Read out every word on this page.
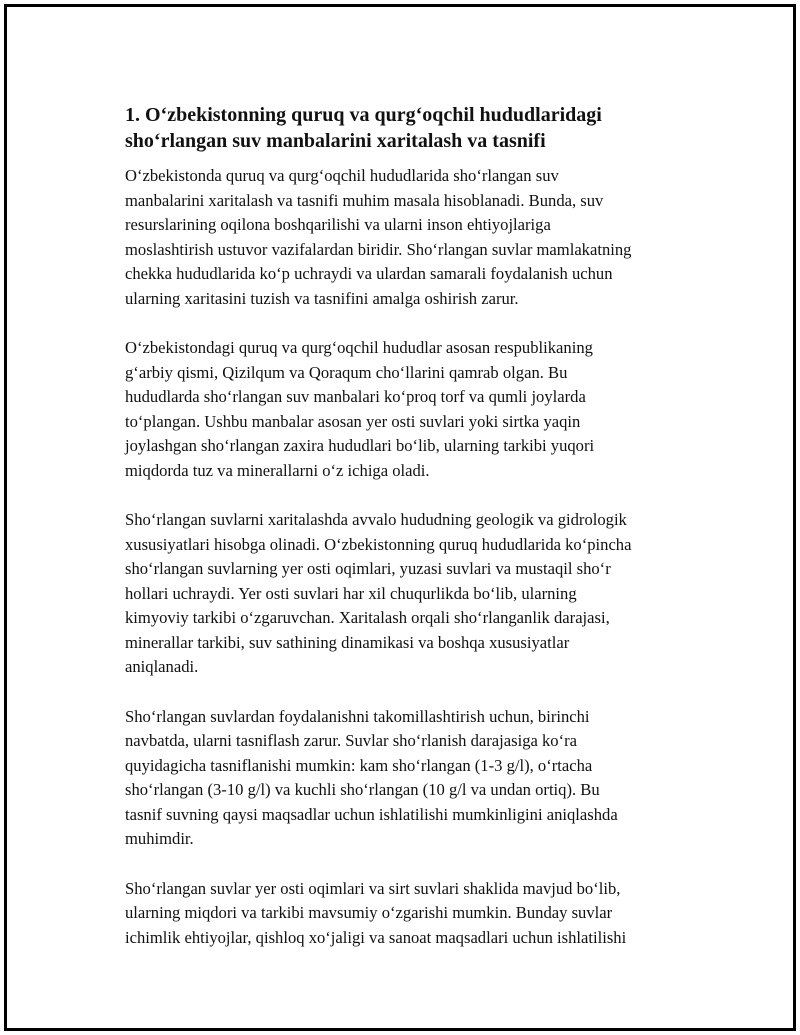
1. O‘zbekistonning quruq va qurg‘oqchil hududlaridagi
sho‘rlangan suv manbalarini xaritalash va tasnifi

O‘zbekistonda quruq va qurg‘oqchil hududlarida sho‘rlangan suv
manbalarini xaritalash va tasnifi muhim masala hisoblanadi. Bunda, suv
resurslarining oqilona boshqarilishi va ularni inson ehtiyojlariga
moslashtirish ustuvor vazifalardan biridir. Sho‘rlangan suvlar mamlakatning
chekka hududlarida ko‘p uchraydi va ulardan samarali foydalanish uchun
ularning xaritasini tuzish va tasnifini amalga oshirish zarur.

O‘zbekistondagi quruq va qurg‘oqchil hududlar asosan respublikaning
g‘arbiy qismi, Qizilqum va Qoraqum cho‘llarini qamrab olgan. Bu
hududlarda sho‘rlangan suv manbalari ko‘proq torf va qumli joylarda
to‘plangan. Ushbu manbalar asosan yer osti suvlari yoki sirtka yaqin
joylashgan sho‘rlangan zaxira hududlari bo‘lib, ularning tarkibi yuqori
miqdorda tuz va minerallarni o‘z ichiga oladi.

Sho‘rlangan suvlarni xaritalashda avvalo hududning geologik va gidrologik
xususiyatlari hisobga olinadi. O‘zbekistonning quruq hududlarida ko‘pincha
sho‘rlangan suvlarning yer osti oqimlari, yuzasi suvlari va mustaqil sho‘r
hollari uchraydi. Yer osti suvlari har xil chuqurlikda bo‘lib, ularning
kimyoviy tarkibi o‘zgaruvchan. Xaritalash orqali sho‘rlanganlik darajasi,
minerallar tarkibi, suv sathining dinamikasi va boshqa xususiyatlar
aniqlanadi.

Sho‘rlangan suvlardan foydalanishni takomillashtirish uchun, birinchi
navbatda, ularni tasniflash zarur. Suvlar sho‘rlanish darajasiga ko‘ra
quyidagicha tasniflanishi mumkin: kam sho‘rlangan (1-3 g/l), o‘rtacha
sho‘rlangan (3-10 g/l) va kuchli sho‘rlangan (10 g/l va undan ortiq). Bu
tasnif suvning qaysi maqsadlar uchun ishlatilishi mumkinligini aniqlashda
muhimdir.

Sho‘rlangan suvlar yer osti oqimlari va sirt suvlari shaklida mavjud bo‘lib,
ularning miqdori va tarkibi mavsumiy o‘zgarishi mumkin. Bunday suvlar
ichimlik ehtiyojlar, qishloq xo‘jaligi va sanoat maqsadlari uchun ishlatilishi
